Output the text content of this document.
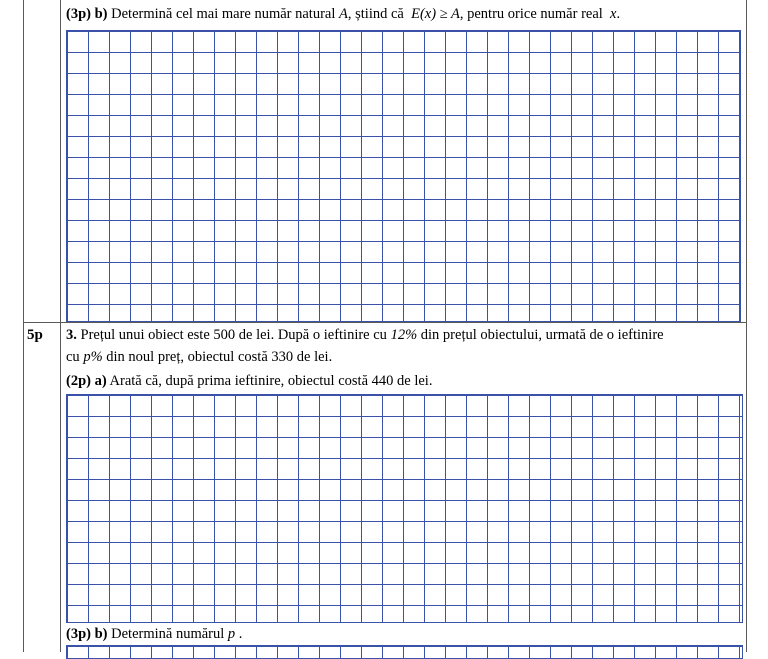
(3p) b) Determină cel mai mare număr natural A, știind că E(x) ≥ A, pentru orice număr real x.
5p 3. Prețul unui obiect este 500 de lei. După o ieftinire cu 12% din prețul obiectului, urmată de o ieftinire
cu p% din noul preț, obiectul costă 330 de lei.
(2p) a) Arată că, după prima ieftinire, obiectul costă 440 de lei.
(3p) b) Determină numărul p .
